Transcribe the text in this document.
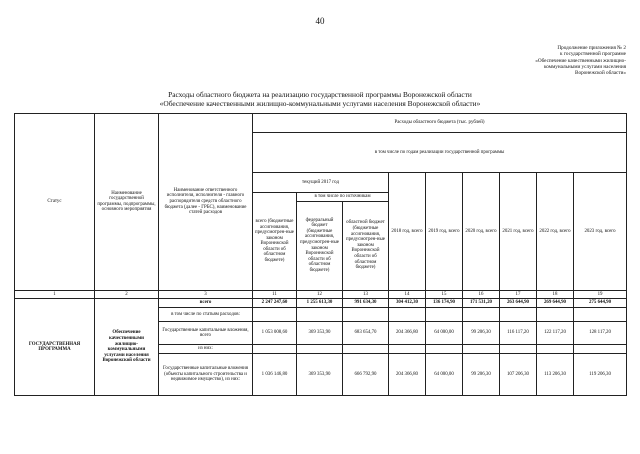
40
Продолжение приложения № 2
к государственной программе
«Обеспечение качественными жилищно-
коммунальными услугами населения
Воронежской области»
Расходы областного бюджета на реализацию государственной программы Воронежской области
«Обеспечение качественными жилищно-коммунальными услугами населения Воронежской области»
Статус	Наименование государственной программы, подпрограммы, основного мероприятия	Наименование ответственного исполнителя, исполнителя - главного распорядителя средств областного бюджета (далее - ГРБС), наименование статей расходов	Расходы областного бюджета (тыс. рублей)								
			в том числе по годам реализации государственной программы								
			текущий 2017 год			2018 год, всего	2019 год, всего	2020 год, всего	2021 год, всего	2022 год, всего	2023 год, всего
			всего (бюджетные ассигнования, предусмотрен-ные законом Воронежской области об областном бюджете)	в том числе по источникам							
				федеральный бюджет (бюджетные ассигнования, предусмотрен-ные законом Воронежской области об областном бюджете)	областной бюджет (бюджетные ассигнования, предусмотрен-ные законом Воронежской области об областном бюджете)						
1	2	3	11	12	13	14	15	16	17	18	19
ГОСУДАРСТВЕННАЯ ПРОГРАММА	Обеспечение качественными жилищно-коммунальными услугами населения Воронежской области	всего	2 247 247,60	1 255 613,30	991 634,30	304 412,30	136 174,90	171 531,20	263 644,90	269 644,90	275 644,90
		в том числе по статьям расходов:									
		Государственные капитальные вложения, всего	1 053 008,60	369 353,90	683 654,70	204 366,80	64 000,00	99 206,30	116 117,20	122 117,20	128 117,20
		из них:									
		Государственные капитальные вложения (объекты капитального строительства и недвижимое имущество), из них:	1 036 146,80	369 353,90	666 792,90	204 366,80	64 000,00	99 206,30	107 206,30	113 206,30	119 206,30
